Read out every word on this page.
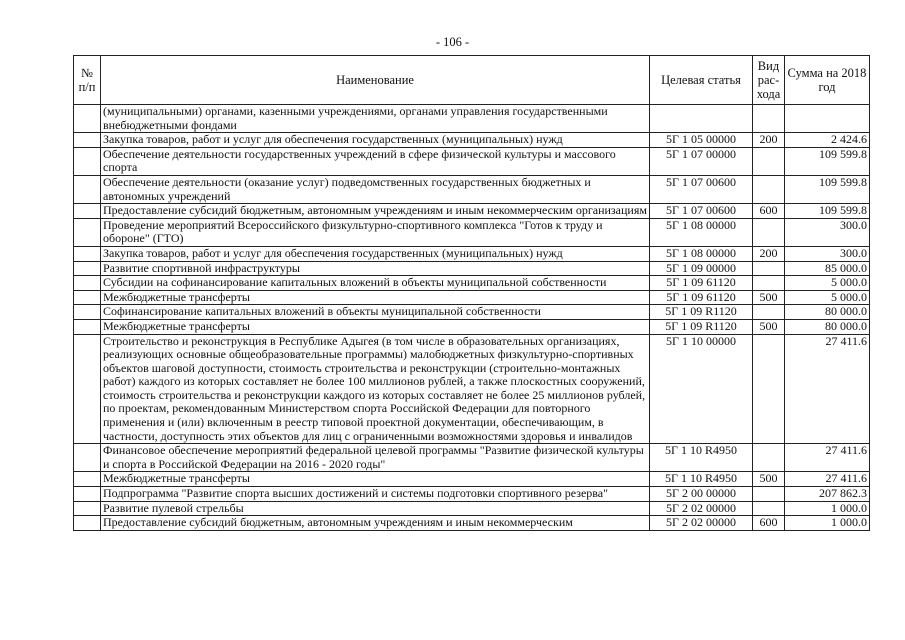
- 106 -
№ п/п	Наименование	Целевая статья	Вид рас-хода	Сумма на 2018 год
	(муниципальными) органами, казенными учреждениями, органами управления государственными внебюджетными фондами			
	Закупка товаров, работ и услуг для обеспечения государственных (муниципальных) нужд	5Г 1 05 00000	200	2 424.6
	Обеспечение деятельности государственных учреждений в сфере физической культуры и массового спорта	5Г 1 07 00000		109 599.8
	Обеспечение деятельности (оказание услуг) подведомственных государственных бюджетных и автономных учреждений	5Г 1 07 00600		109 599.8
	Предоставление субсидий бюджетным, автономным учреждениям и иным некоммерческим организациям	5Г 1 07 00600	600	109 599.8
	Проведение мероприятий Всероссийского физкультурно-спортивного комплекса "Готов к труду и обороне" (ГТО)	5Г 1 08 00000		300.0
	Закупка товаров, работ и услуг для обеспечения государственных (муниципальных) нужд	5Г 1 08 00000	200	300.0
	Развитие спортивной инфраструктуры	5Г 1 09 00000		85 000.0
	Субсидии на софинансирование капитальных вложений в объекты муниципальной собственности	5Г 1 09 61120		5 000.0
	Межбюджетные трансферты	5Г 1 09 61120	500	5 000.0
	Софинансирование капитальных вложений в объекты муниципальной собственности	5Г 1 09 R1120		80 000.0
	Межбюджетные трансферты	5Г 1 09 R1120	500	80 000.0
	Строительство и реконструкция в Республике Адыгея (в том числе в образовательных организациях, реализующих основные общеобразовательные программы) малобюджетных физкультурно-спортивных объектов шаговой доступности, стоимость строительства и реконструкции (строительно-монтажных работ) каждого из которых составляет не более 100 миллионов рублей, а также плоскостных сооружений, стоимость строительства и реконструкции каждого из которых составляет не более 25 миллионов рублей, по проектам, рекомендованным Министерством спорта Российской Федерации для повторного применения и (или) включенным в реестр типовой проектной документации, обеспечивающим, в частности, доступность этих объектов для лиц с ограниченными возможностями здоровья и инвалидов	5Г 1 10 00000		27 411.6
	Финансовое обеспечение мероприятий федеральной целевой программы "Развитие физической культуры и спорта в Российской Федерации на 2016 - 2020 годы"	5Г 1 10 R4950		27 411.6
	Межбюджетные трансферты	5Г 1 10 R4950	500	27 411.6
	Подпрограмма "Развитие спорта высших достижений и системы подготовки спортивного резерва"	5Г 2 00 00000		207 862.3
	Развитие пулевой стрельбы	5Г 2 02 00000		1 000.0
	Предоставление субсидий бюджетным, автономным учреждениям и иным некоммерческим	5Г 2 02 00000	600	1 000.0
